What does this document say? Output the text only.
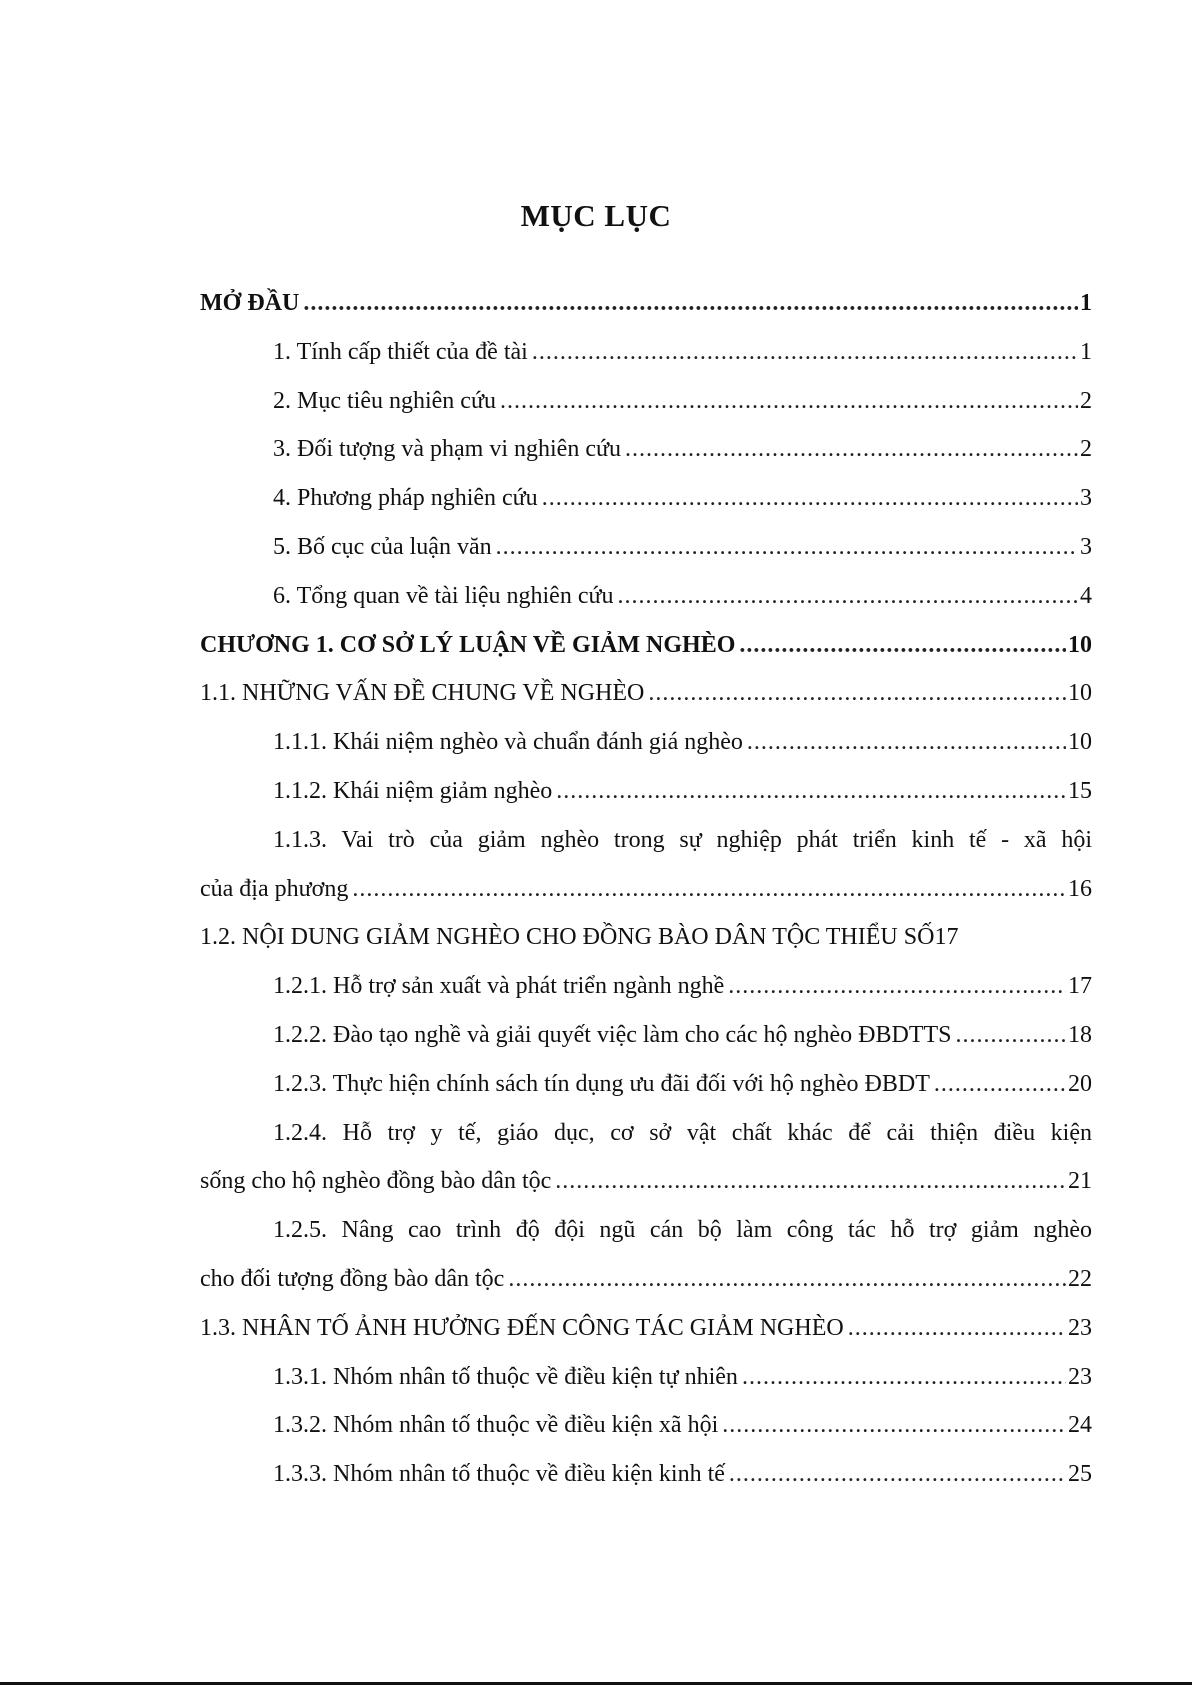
MỤC LỤC
MỞ ĐẦU .....	1
1. Tính cấp thiết của đề tài .....	1
2. Mục tiêu nghiên cứu .....	2
3. Đối tượng và phạm vi nghiên cứu .....	2
4. Phương pháp nghiên cứu .....	3
5. Bố cục của luận văn .....	3
6. Tổng quan về tài liệu nghiên cứu .....	4
CHƯƠNG 1. CƠ SỞ LÝ LUẬN VỀ GIẢM NGHÈO .....	10
1.1. NHỮNG VẤN ĐỀ CHUNG VỀ NGHÈO .....	10
1.1.1. Khái niệm nghèo và chuẩn đánh giá nghèo .....	10
1.1.2. Khái niệm giảm nghèo .....	15
1.1.3. Vai trò của giảm nghèo trong sự nghiệp phát triển kinh tế - xã hội
của địa phương .....	16
1.2. NỘI DUNG GIẢM NGHÈO CHO ĐỒNG BÀO DÂN TỘC THIỂU SỐ 17
1.2.1. Hỗ trợ sản xuất và phát triển ngành nghề .....	17
1.2.2. Đào tạo nghề và giải quyết việc làm cho các hộ nghèo ĐBDTTS .....	18
1.2.3. Thực hiện chính sách tín dụng ưu đãi đối với hộ nghèo ĐBDT .....	20
1.2.4. Hỗ trợ y tế, giáo dục, cơ sở vật chất khác để cải thiện điều kiện
sống cho hộ nghèo đồng bào dân tộc .....	21
1.2.5. Nâng cao trình độ đội ngũ cán bộ làm công tác hỗ trợ giảm nghèo
cho đối tượng đồng bào dân tộc .....	22
1.3. NHÂN TỐ ẢNH HƯỞNG ĐẾN CÔNG TÁC GIẢM NGHÈO .....	23
1.3.1. Nhóm nhân tố thuộc về điều kiện tự nhiên .....	23
1.3.2. Nhóm nhân tố thuộc về điều kiện xã hội .....	24
1.3.3. Nhóm nhân tố thuộc về điều kiện kinh tế .....	25
